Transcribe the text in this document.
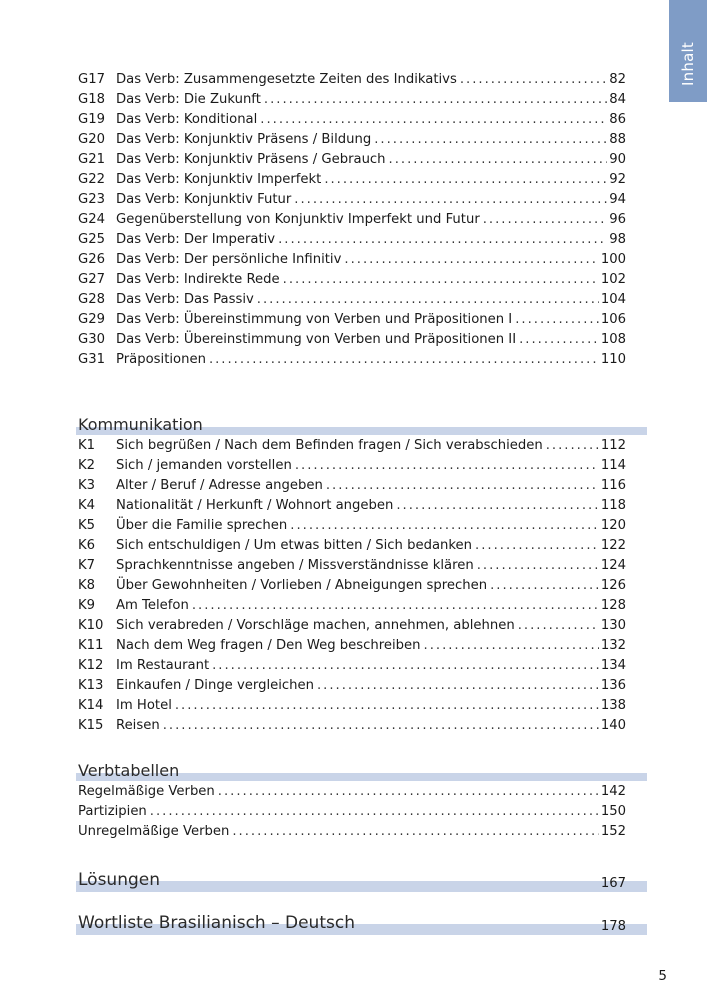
Inhalt
G17 Das Verb: Zusammengesetzte Zeiten des Indikativs . . .	82
G18 Das Verb: Die Zukunft . . .	84
G19 Das Verb: Konditional . . .	86
G20 Das Verb: Konjunktiv Präsens / Bildung . . .	88
G21 Das Verb: Konjunktiv Präsens / Gebrauch . . .	90
G22 Das Verb: Konjunktiv Imperfekt . . .	92
G23 Das Verb: Konjunktiv Futur . . .	94
G24 Gegenüberstellung von Konjunktiv Imperfekt und Futur . . .	96
G25 Das Verb: Der Imperativ . . .	98
G26 Das Verb: Der persönliche Infinitiv . . .	100
G27 Das Verb: Indirekte Rede . . .	102
G28 Das Verb: Das Passiv . . .	104
G29 Das Verb: Übereinstimmung von Verben und Präpositionen I . . .	106
G30 Das Verb: Übereinstimmung von Verben und Präpositionen II . . .	108
G31 Präpositionen . . .	110
Kommunikation
K1	Sich begrüßen / Nach dem Befinden fragen / Sich verabschieden . . .	112
K2	Sich / jemanden vorstellen . . .	114
K3	Alter / Beruf / Adresse angeben . . .	116
K4	Nationalität / Herkunft / Wohnort angeben . . .	118
K5	Über die Familie sprechen . . .	120
K6	Sich entschuldigen / Um etwas bitten / Sich bedanken . . .	122
K7	Sprachkenntnisse angeben / Missverständnisse klären . . .	124
K8	Über Gewohnheiten / Vorlieben / Abneigungen sprechen . . .	126
K9	Am Telefon . . .	128
K10 Sich verabreden / Vorschläge machen, annehmen, ablehnen . . .	130
K11 Nach dem Weg fragen / Den Weg beschreiben . . .	132
K12 Im Restaurant . . .	134
K13 Einkaufen / Dinge vergleichen . . .	136
K14 Im Hotel . . .	138
K15 Reisen . . .	140
Verbtabellen
Regelmäßige Verben . . .	142
Partizipien . . .	150
Unregelmäßige Verben . . .	152
Lösungen	167
Wortliste Brasilianisch – Deutsch	178
5
